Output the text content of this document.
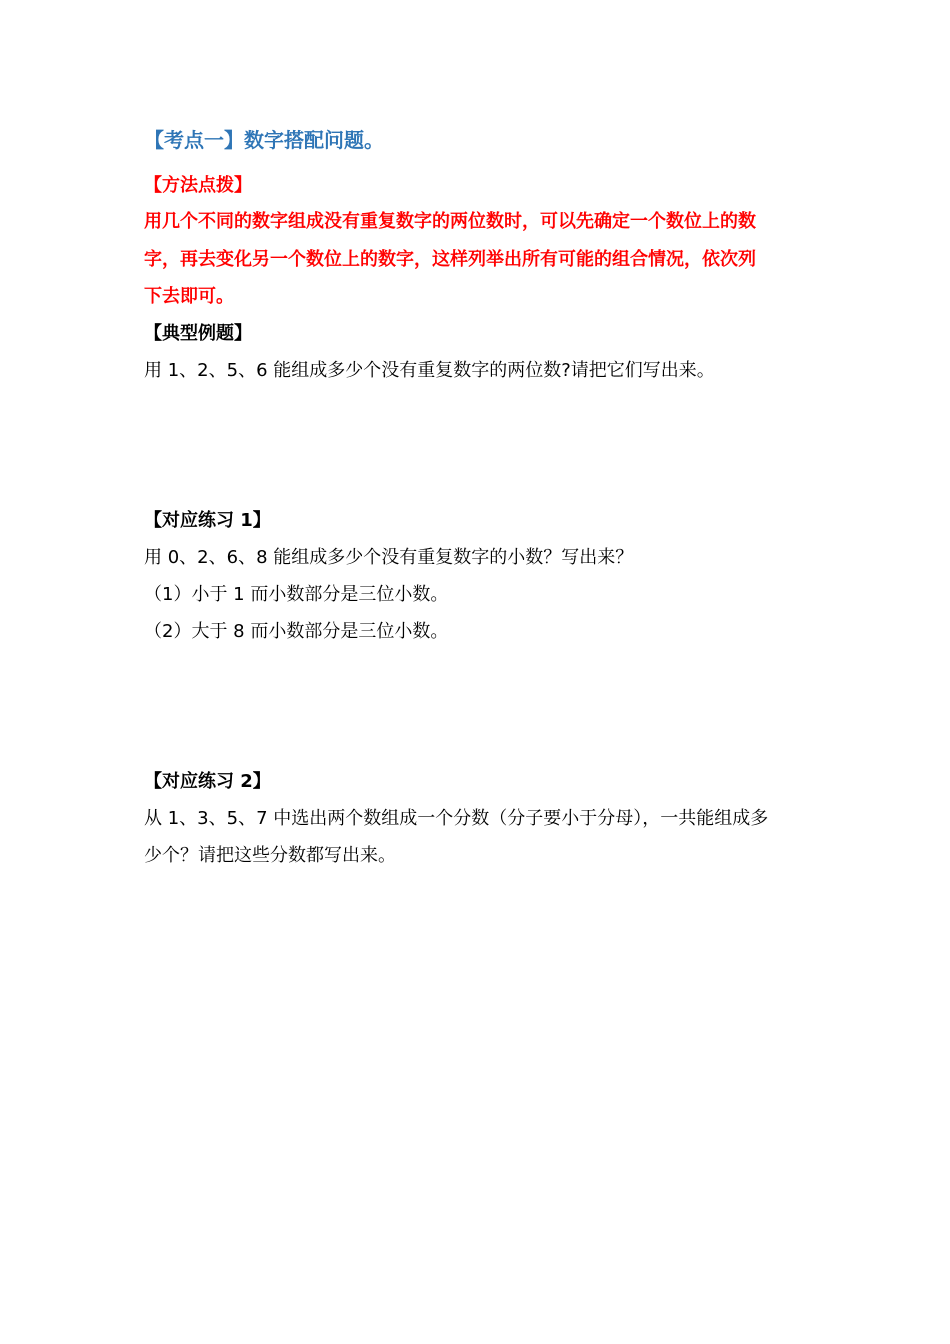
【考点一】数字搭配问题。
【方法点拨】
用几个不同的数字组成没有重复数字的两位数时，可以先确定一个数位上的数
字，再去变化另一个数位上的数字，这样列举出所有可能的组合情况，依次列
下去即可。
【典型例题】
用 1、2、5、6 能组成多少个没有重复数字的两位数?请把它们写出来。
【对应练习 1】
用 0、2、6、8 能组成多少个没有重复数字的小数？写出来？
（1）小于 1 而小数部分是三位小数。
（2）大于 8 而小数部分是三位小数。
【对应练习 2】
从 1、3、5、7 中选出两个数组成一个分数（分子要小于分母），一共能组成多
少个？请把这些分数都写出来。
